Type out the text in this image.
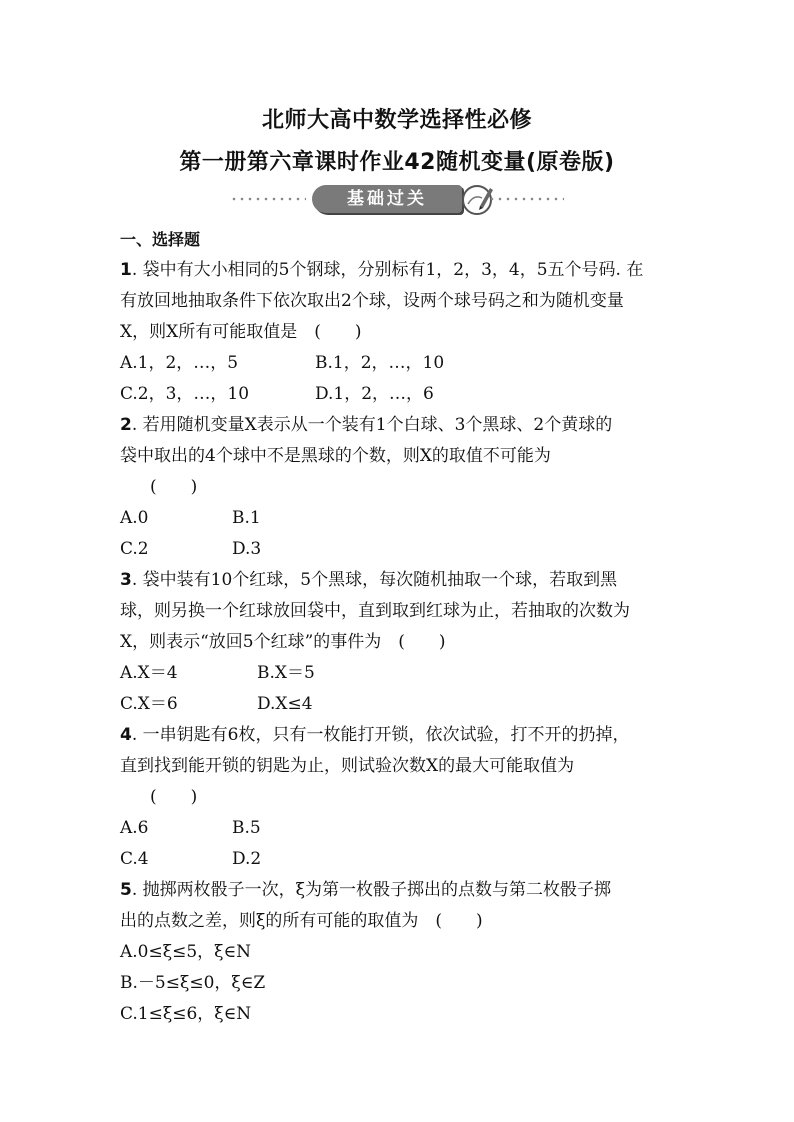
北师大高中数学选择性必修
第一册第六章课时作业42随机变量(原卷版)
基础过关

一、选择题

1. 袋中有大小相同的5个钢球，分别标有1，2，3，4，5五个号码. 在

有放回地抽取条件下依次取出2个球，设两个球号码之和为随机变量

X，则X所有可能取值是　(　　)

A.1，2，…，5	B.1，2，…，10

C.2，3，…，10	D.1，2，…，6

2. 若用随机变量X表示从一个装有1个白球、3个黑球、2个黄球的

袋中取出的4个球中不是黑球的个数，则X的取值不可能为

(　　)

A.0	B.1

C.2	D.3

3. 袋中装有10个红球，5个黑球，每次随机抽取一个球，若取到黑

球，则另换一个红球放回袋中，直到取到红球为止，若抽取的次数为

X，则表示“放回5个红球”的事件为　(　　)

A.X＝4	B.X＝5

C.X＝6	D.X≤4

4. 一串钥匙有6枚，只有一枚能打开锁，依次试验，打不开的扔掉，

直到找到能开锁的钥匙为止，则试验次数X的最大可能取值为

(　　)

A.6	B.5

C.4	D.2

5. 抛掷两枚骰子一次，ξ为第一枚骰子掷出的点数与第二枚骰子掷

出的点数之差，则ξ的所有可能的取值为　(　　)

A.0≤ξ≤5，ξ∈N

B.－5≤ξ≤0，ξ∈Z

C.1≤ξ≤6，ξ∈N
